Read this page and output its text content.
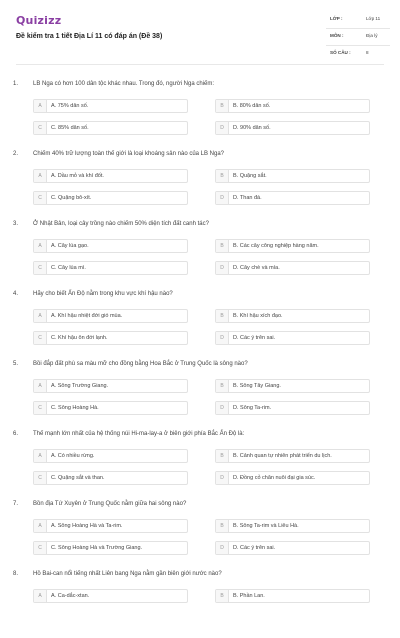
Quizizz
Đề kiểm tra 1 tiết Địa Lí 11 có đáp án (Đề 38)
LỚP :	Lớp 11
MÔN :	Địa lý
SỐ CÂU :	8
1. LB Nga có hơn 100 dân tộc khác nhau. Trong đó, người Nga chiếm:
A	A. 75% dân số.	B	B. 80% dân số.
C	C. 85% dân số.	D	D. 90% dân số.
2. Chiếm 40% trữ lượng toàn thế giới là loại khoáng sản nào của LB Nga?
A	A. Dầu mỏ và khí đốt.	B	B. Quặng sắt.
C	C. Quặng bô-xít.	D	D. Than đá.
3. Ở Nhật Bản, loại cây trồng nào chiếm 50% diện tích đất canh tác?
A	A. Cây lúa gạo.	B	B. Các cây công nghiệp hàng năm.
C	C. Cây lúa mì.	D	D. Cây chè và mía.
4. Hãy cho biết Ấn Độ nằm trong khu vực khí hậu nào?
A	A. Khí hậu nhiệt đới gió mùa.	B	B. Khí hậu xích đạo.
C	C. Khí hậu ôn đới lạnh.	D	D. Các ý trên sai.
5. Bồi đắp đất phù sa màu mỡ cho đồng bằng Hoa Bắc ở Trung Quốc là sông nào?
A	A. Sông Trường Giang.	B	B. Sông Tây Giang.
C	C. Sông Hoàng Hà.	D	D. Sông Ta-rim.
6. Thế mạnh lớn nhất của hệ thống núi Hi-ma-lay-a ở biên giới phía Bắc Ấn Độ là:
A	A. Có nhiều rừng.	B	B. Cảnh quan tự nhiên phát triển du lịch.
C	C. Quặng sắt và than.	D	D. Đồng cỏ chăn nuôi đại gia súc.
7. Bồn địa Tứ Xuyên ở Trung Quốc nằm giữa hai sông nào?
A	A. Sông Hoàng Hà và Ta-rim.	B	B. Sông Ta-rim và Liêu Hà.
C	C. Sông Hoàng Hà và Trường Giang.	D	D. Các ý trên sai.
8. Hồ Bai-can nổi tiếng nhất Liên bang Nga nằm gần biên giới nước nào?
A	A. Ca-dắc-xtan.	B	B. Phần Lan.
